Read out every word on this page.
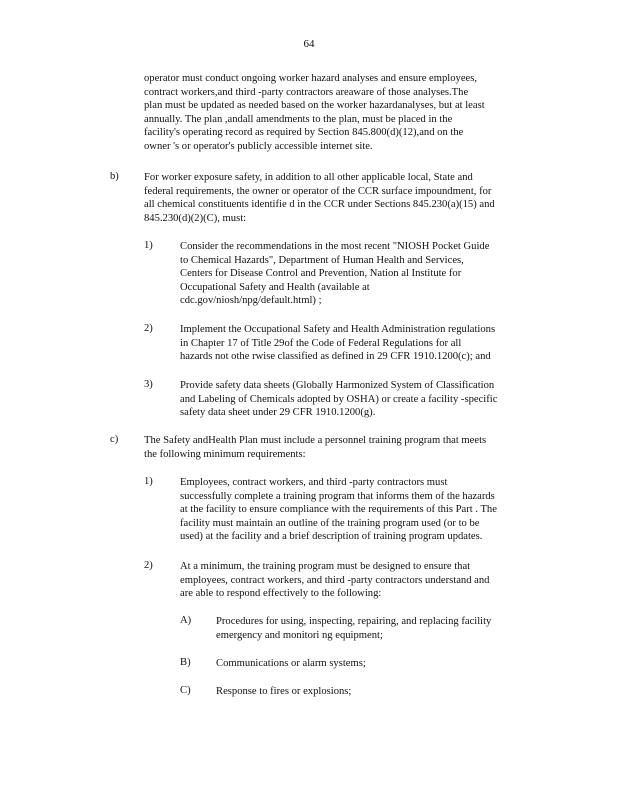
64
operator must conduct ongoing worker hazard analyses and ensure employees,
contract workers,and third -party contractors areaware of those analyses.The
plan must be updated as needed based on the worker hazardanalyses, but at least
annually. The plan ,andall amendments to the plan, must be placed in the
facility's operating record as required by Section 845.800(d)(12),and on the
owner 's or operator's publicly accessible internet site.
b) For worker exposure safety, in addition to all other applicable local, State and
federal requirements, the owner or operator of the CCR surface impoundment, for
all chemical constituents identifie d in the CCR under Sections 845.230(a)(15) and
845.230(d)(2)(C), must:
1)	Consider the recommendations in the most recent "NIOSH Pocket Guide
to Chemical Hazards", Department of Human Health and Services,
Centers for Disease Control and Prevention, Nation al Institute for
Occupational Safety and Health (available at
cdc.gov/niosh/npg/default.html) ;
2)	Implement the Occupational Safety and Health Administration regulations
in Chapter 17 of Title 29of the Code of Federal Regulations for all
hazards not othe rwise classified as defined in 29 CFR 1910.1200(c); and
3)	Provide safety data sheets (Globally Harmonized System of Classification
and Labeling of Chemicals adopted by OSHA) or create a facility -specific
safety data sheet under 29 CFR 1910.1200(g).
c) The Safety andHealth Plan must include a personnel training program that meets
the following minimum requirements:
1)	Employees, contract workers, and third -party contractors must
successfully complete a training program that informs them of the hazards
at the facility to ensure compliance with the requirements of this Part . The
facility must maintain an outline of the training program used (or to be
used) at the facility and a brief description of training program updates.
2)	At a minimum, the training program must be designed to ensure that
employees, contract workers, and third -party contractors understand and
are able to respond effectively to the following:
A) Procedures for using, inspecting, repairing, and replacing facility
emergency and monitori ng equipment;
B) Communications or alarm systems;
C) Response to fires or explosions;
